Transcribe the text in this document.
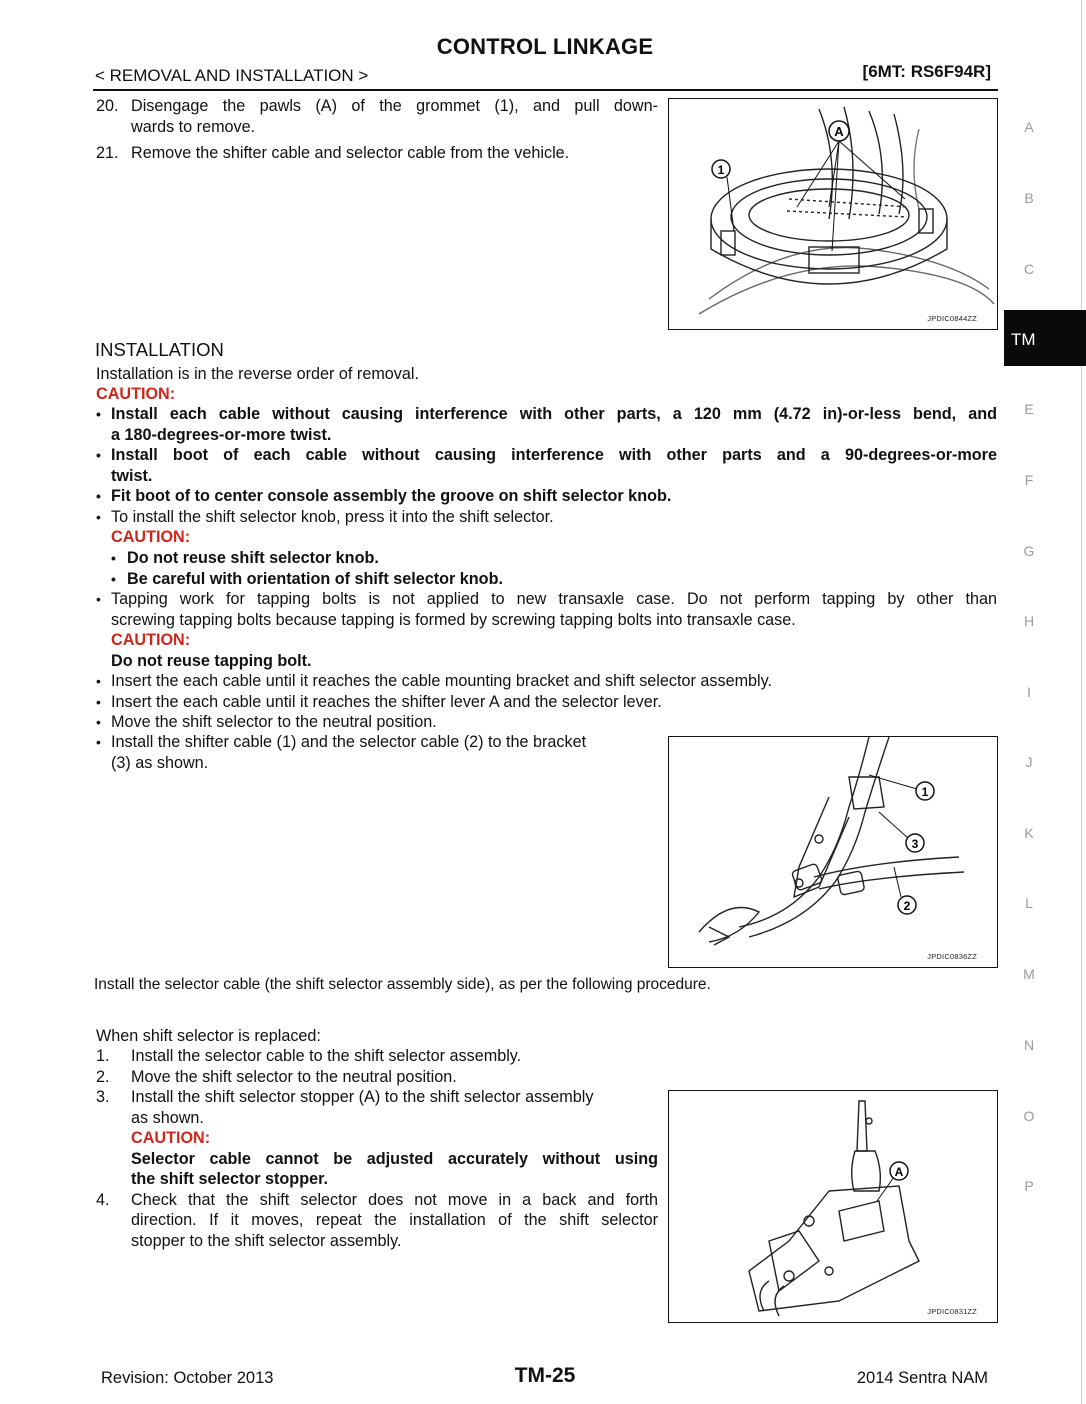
CONTROL LINKAGE
< REMOVAL AND INSTALLATION >	[6MT: RS6F94R]
20. Disengage the pawls (A) of the grommet (1), and pull down-
wards to remove.
21. Remove the shifter cable and selector cable from the vehicle.
A
1
JPDIC0844ZZ
INSTALLATION
Installation is in the reverse order of removal.
CAUTION:
• Install each cable without causing interference with other parts, a 120 mm (4.72 in)-or-less bend, and
a 180-degrees-or-more twist.
• Install boot of each cable without causing interference with other parts and a 90-degrees-or-more
twist.
• Fit boot of to center console assembly the groove on shift selector knob.
• To install the shift selector knob, press it into the shift selector.
CAUTION:
• Do not reuse shift selector knob.
• Be careful with orientation of shift selector knob.
• Tapping work for tapping bolts is not applied to new transaxle case. Do not perform tapping by other than
screwing tapping bolts because tapping is formed by screwing tapping bolts into transaxle case.
CAUTION:
Do not reuse tapping bolt.
• Insert the each cable until it reaches the cable mounting bracket and shift selector assembly.
• Insert the each cable until it reaches the shifter lever A and the selector lever.
• Move the shift selector to the neutral position.
• Install the shifter cable (1) and the selector cable (2) to the bracket
(3) as shown.
1
3
2
JPDIC0836ZZ
Install the selector cable (the shift selector assembly side), as per the following procedure.
When shift selector is replaced:
1.	Install the selector cable to the shift selector assembly.
2.	Move the shift selector to the neutral position.
3.	Install the shift selector stopper (A) to the shift selector assembly
as shown.
CAUTION:
Selector cable cannot be adjusted accurately without using
the shift selector stopper.
4.	Check that the shift selector does not move in a back and forth
direction. If it moves, repeat the installation of the shift selector
stopper to the shift selector assembly.
A
JPDIC0831ZZ
A
B
C
TM
E
F
G
H
I
J
K
L
M
N
O
P
Revision: October 2013	TM-25	2014 Sentra NAM
